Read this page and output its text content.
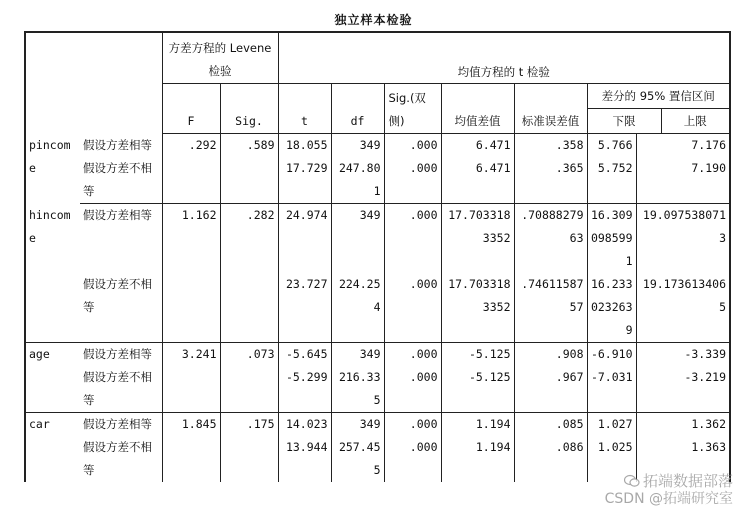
独立样本检验
		方差方程的 Levene 检验								
				均值方程的 t 检验						
		F	Sig.	t	df	Sig.(双侧)	均值差值	标准误差值	差分的 95% 置信区间
下限 上限	

pincome	假设方差相等	.292	.589	18.055	349	.000	6.471	.358	5.766	7.176
	假设方差不相等			17.729	247.801	.000	6.471	.365	5.752	7.190
hincome	假设方差相等	1.162	.282	24.974	349	.000	17.7033183352	.7088827963	16.3090985991	19.0975380713
	假设方差不相等			23.727	224.254	.000	17.7033183352	.7461158757	16.2330232639	19.1736134065
age	假设方差相等	3.241	.073	-5.645	349	.000	-5.125	.908	-6.910	-3.339
	假设方差不相等			-5.299	216.335	.000	-5.125	.967	-7.031	-3.219
car	假设方差相等	1.845	.175	14.023	349	.000	1.194	.085	1.027	1.362
	假设方差不相等			13.944	257.455	.000	1.194	.086	1.025	1.363
拓端数据部落
CSDN @拓端研究室
